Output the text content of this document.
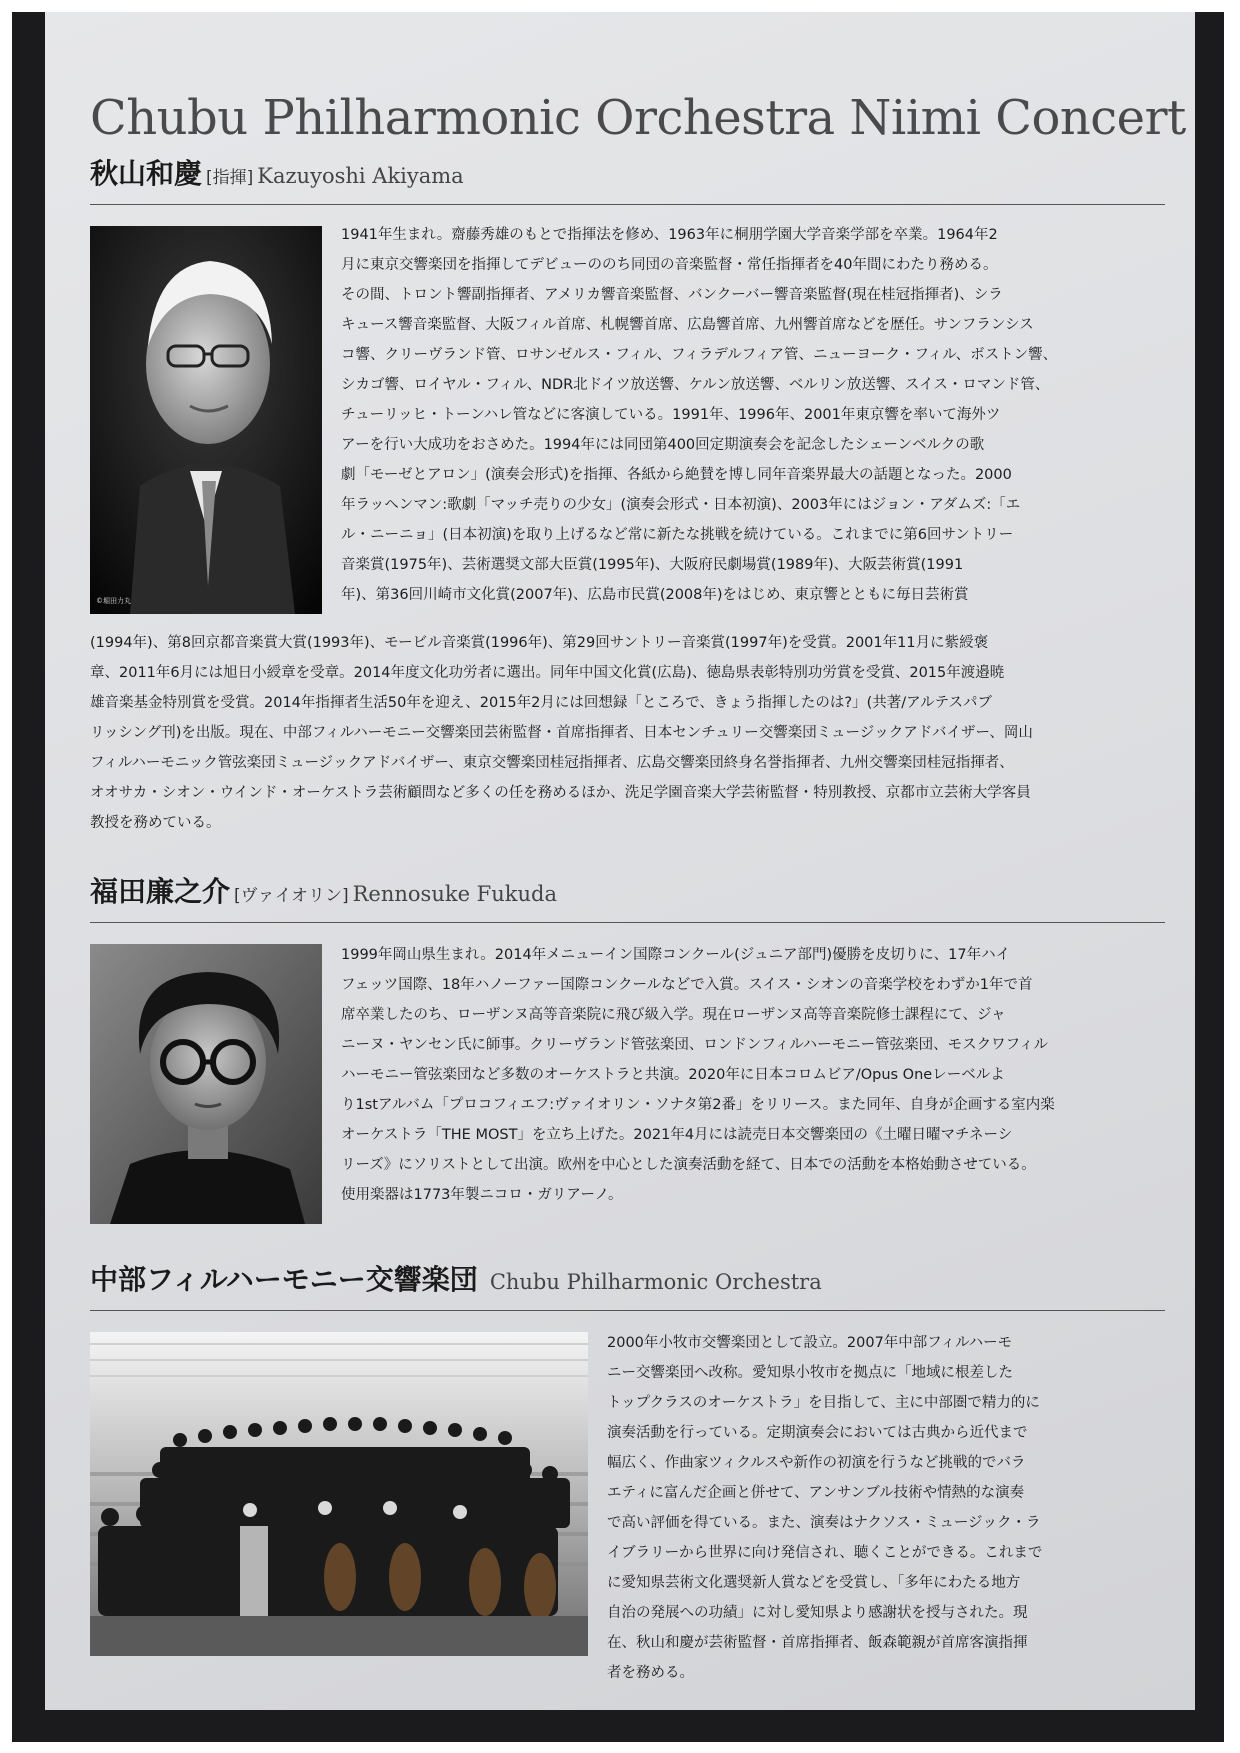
Chubu Philharmonic Orchestra Niimi Concert
秋山和慶 [指揮] Kazuyoshi Akiyama
©堀田力丸
1941年生まれ。齋藤秀雄のもとで指揮法を修め、1963年に桐朋学園大学音楽学部を卒業。1964年2
月に東京交響楽団を指揮してデビューののち同団の音楽監督・常任指揮者を40年間にわたり務める。
その間、トロント響副指揮者、アメリカ響音楽監督、バンクーバー響音楽監督(現在桂冠指揮者)、シラ
キュース響音楽監督、大阪フィル首席、札幌響首席、広島響首席、九州響首席などを歴任。サンフランシス
コ響、クリーヴランド管、ロサンゼルス・フィル、フィラデルフィア管、ニューヨーク・フィル、ボストン響、
シカゴ響、ロイヤル・フィル、NDR北ドイツ放送響、ケルン放送響、ベルリン放送響、スイス・ロマンド管、
チューリッヒ・トーンハレ管などに客演している。1991年、1996年、2001年東京響を率いて海外ツ
アーを行い大成功をおさめた。1994年には同団第400回定期演奏会を記念したシェーンベルクの歌
劇「モーゼとアロン」(演奏会形式)を指揮、各紙から絶賛を博し同年音楽界最大の話題となった。2000
年ラッヘンマン:歌劇「マッチ売りの少女」(演奏会形式・日本初演)、2003年にはジョン・アダムズ:「エ
ル・ニーニョ」(日本初演)を取り上げるなど常に新たな挑戦を続けている。これまでに第6回サントリー
音楽賞(1975年)、芸術選奨文部大臣賞(1995年)、大阪府民劇場賞(1989年)、大阪芸術賞(1991
年)、第36回川崎市文化賞(2007年)、広島市民賞(2008年)をはじめ、東京響とともに毎日芸術賞
(1994年)、第8回京都音楽賞大賞(1993年)、モービル音楽賞(1996年)、第29回サントリー音楽賞(1997年)を受賞。2001年11月に紫綬褒
章、2011年6月には旭日小綬章を受章。2014年度文化功労者に選出。同年中国文化賞(広島)、徳島県表彰特別功労賞を受賞、2015年渡邉暁
雄音楽基金特別賞を受賞。2014年指揮者生活50年を迎え、2015年2月には回想録「ところで、きょう指揮したのは?」(共著/アルテスパブ
リッシング刊)を出版。現在、中部フィルハーモニー交響楽団芸術監督・首席指揮者、日本センチュリー交響楽団ミュージックアドバイザー、岡山
フィルハーモニック管弦楽団ミュージックアドバイザー、東京交響楽団桂冠指揮者、広島交響楽団終身名誉指揮者、九州交響楽団桂冠指揮者、
オオサカ・シオン・ウインド・オーケストラ芸術顧問など多くの任を務めるほか、洗足学園音楽大学芸術監督・特別教授、京都市立芸術大学客員
教授を務めている。
福田廉之介 [ヴァイオリン] Rennosuke Fukuda
1999年岡山県生まれ。2014年メニューイン国際コンクール(ジュニア部門)優勝を皮切りに、17年ハイ
フェッツ国際、18年ハノーファー国際コンクールなどで入賞。スイス・シオンの音楽学校をわずか1年で首
席卒業したのち、ローザンヌ高等音楽院に飛び級入学。現在ローザンヌ高等音楽院修士課程にて、ジャ
ニーヌ・ヤンセン氏に師事。クリーヴランド管弦楽団、ロンドンフィルハーモニー管弦楽団、モスクワフィル
ハーモニー管弦楽団など多数のオーケストラと共演。2020年に日本コロムビア/Opus Oneレーベルよ
り1stアルバム「プロコフィエフ:ヴァイオリン・ソナタ第2番」をリリース。また同年、自身が企画する室内楽
オーケストラ「THE MOST」を立ち上げた。2021年4月には読売日本交響楽団の《土曜日曜マチネーシ
リーズ》にソリストとして出演。欧州を中心とした演奏活動を経て、日本での活動を本格始動させている。
使用楽器は1773年製ニコロ・ガリアーノ。
中部フィルハーモニー交響楽団 Chubu Philharmonic Orchestra
2000年小牧市交響楽団として設立。2007年中部フィルハーモ
ニー交響楽団へ改称。愛知県小牧市を拠点に「地域に根差した
トップクラスのオーケストラ」を目指して、主に中部圏で精力的に
演奏活動を行っている。定期演奏会においては古典から近代まで
幅広く、作曲家ツィクルスや新作の初演を行うなど挑戦的でバラ
エティに富んだ企画と併せて、アンサンブル技術や情熱的な演奏
で高い評価を得ている。また、演奏はナクソス・ミュージック・ラ
イブラリーから世界に向け発信され、聴くことができる。これまで
に愛知県芸術文化選奨新人賞などを受賞し、「多年にわたる地方
自治の発展への功績」に対し愛知県より感謝状を授与された。現
在、秋山和慶が芸術監督・首席指揮者、飯森範親が首席客演指揮
者を務める。
